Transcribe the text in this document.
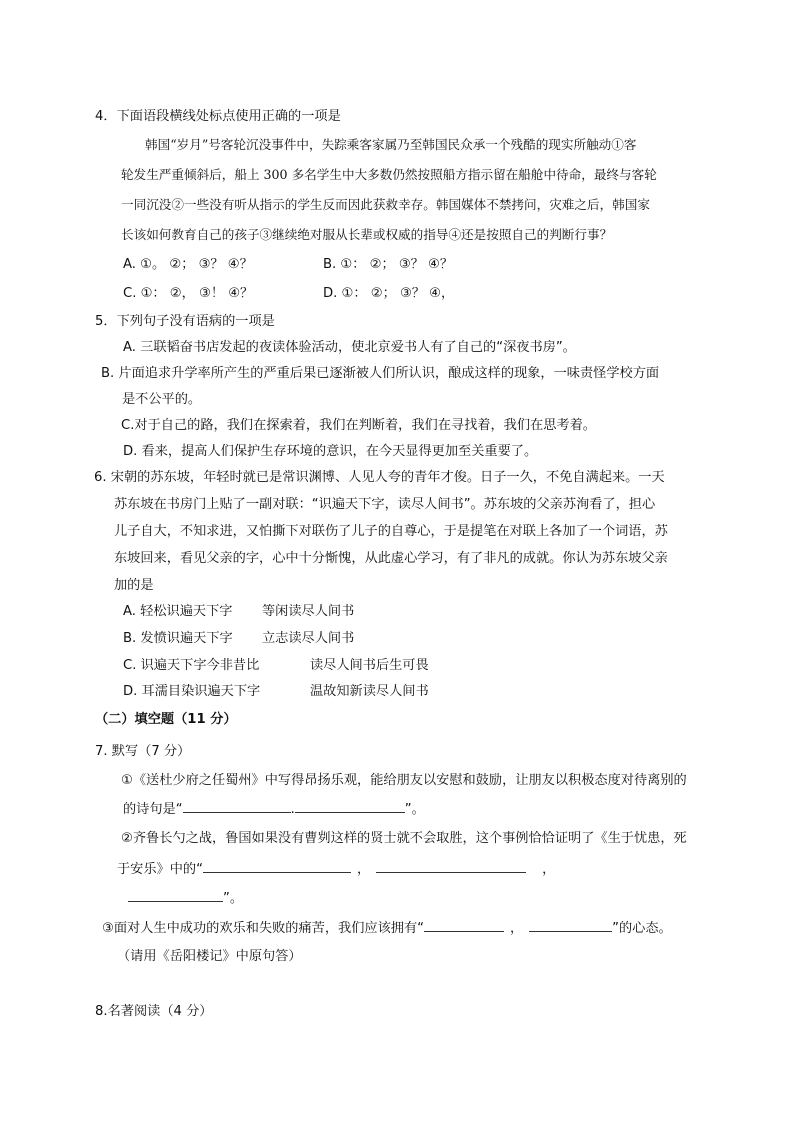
4．下面语段横线处标点使用正确的一项是
韩国“岁月”号客轮沉没事件中，失踪乘客家属乃至韩国民众承一个残酷的现实所触动①客
轮发生严重倾斜后，船上 300 多名学生中大多数仍然按照船方指示留在船舱中待命，最终与客轮
一同沉没②一些没有听从指示的学生反而因此获救幸存。韩国媒体不禁拷问，灾难之后，韩国家
长该如何教育自己的孩子③继续绝对服从长辈或权威的指导④还是按照自己的判断行事？
A. ①。 ②； ③？ ④？	B. ①： ②； ③？ ④？
C. ①： ②， ③！ ④？	D. ①： ②； ③？ ④，
5．下列句子没有语病的一项是
A. 三联韬奋书店发起的夜读体验活动，使北京爱书人有了自己的“深夜书房”。
B. 片面追求升学率所产生的严重后果已逐渐被人们所认识，酿成这样的现象，一味责怪学校方面
是不公平的。
C.对于自己的路，我们在探索着，我们在判断着，我们在寻找着，我们在思考着。
D. 看来，提高人们保护生存环境的意识，在今天显得更加至关重要了。
6. 宋朝的苏东坡，年轻时就已是常识渊博、人见人夸的青年才俊。日子一久，不免自满起来。一天
苏东坡在书房门上贴了一副对联：“识遍天下字，读尽人间书”。苏东坡的父亲苏洵看了，担心
儿子自大，不知求进，又怕撕下对联伤了儿子的自尊心，于是提笔在对联上各加了一个词语，苏
东坡回来，看见父亲的字，心中十分惭愧，从此虚心学习，有了非凡的成就。你认为苏东坡父亲
加的是
A. 轻松识遍天下字 等闲读尽人间书
B. 发愤识遍天下字 立志读尽人间书
C. 识遍天下字今非昔比	读尽人间书后生可畏
D. 耳濡目染识遍天下字	温故知新读尽人间书
（二）填空题（11 分）
7. 默写（7 分）
①《送杜少府之任蜀州》中写得昂扬乐观，能给朋友以安慰和鼓励，让朋友以积极态度对待离别的
的诗句是“	.	”。
②齐鲁长勺之战，鲁国如果没有曹刿这样的贤士就不会取胜，这个事例恰恰证明了《生于忧患，死
于安乐》中的“	，	，
”。
③面对人生中成功的欢乐和失败的痛苦，我们应该拥有“	，	”的心态。
（请用《岳阳楼记》中原句答）
8.名著阅读（4 分）
